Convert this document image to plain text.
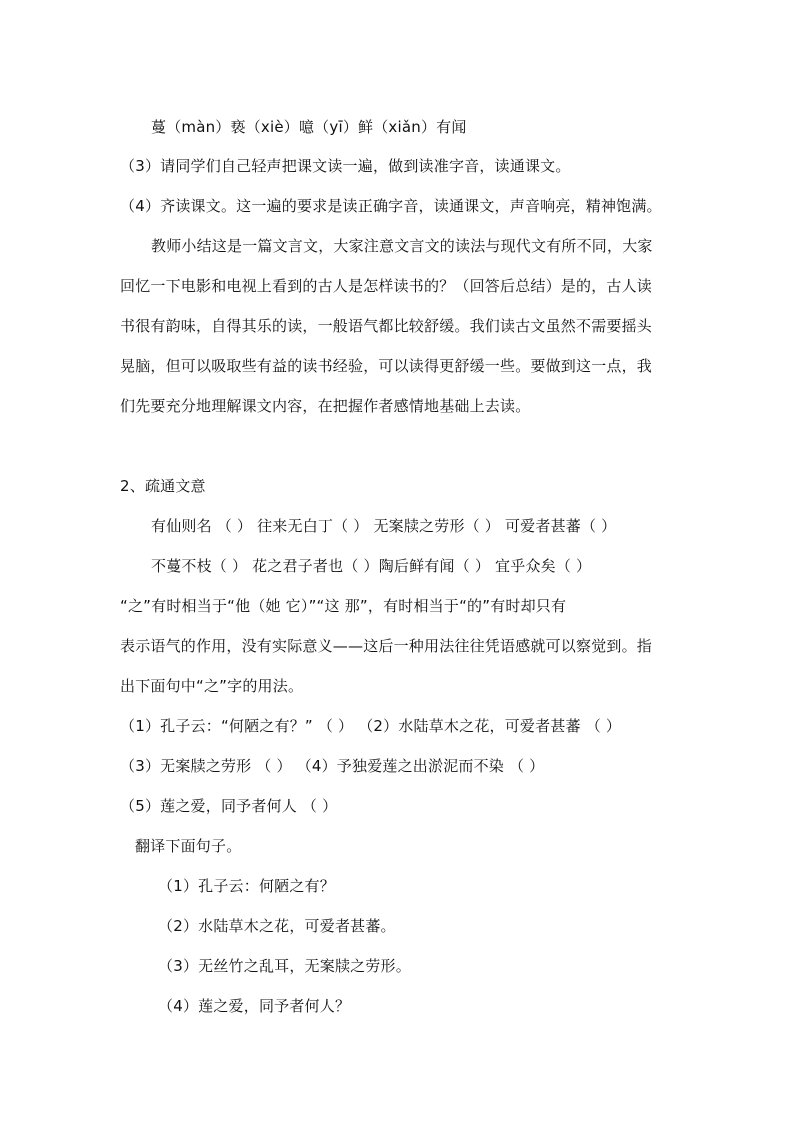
蔓（màn）亵（xiè）噫（yī）鲜（xiǎn）有闻
（3）请同学们自己轻声把课文读一遍，做到读准字音，读通课文。
（4）齐读课文。这一遍的要求是读正确字音，读通课文，声音响亮，精神饱满。
教师小结这是一篇文言文，大家注意文言文的读法与现代文有所不同，大家
回忆一下电影和电视上看到的古人是怎样读书的？（回答后总结）是的，古人读
书很有韵味，自得其乐的读，一般语气都比较舒缓。我们读古文虽然不需要摇头
晃脑，但可以吸取些有益的读书经验，可以读得更舒缓一些。要做到这一点，我
们先要充分地理解课文内容，在把握作者感情地基础上去读。
2、疏通文意
有仙则名 （ ） 往来无白丁（ ） 无案牍之劳形（ ） 可爱者甚蕃（ ）
不蔓不枝（ ） 花之君子者也（ ）陶后鲜有闻（ ） 宜乎众矣（ ）
“之”有时相当于“他（她 它）”“这 那”，有时相当于“的”有时却只有
表示语气的作用，没有实际意义——这后一种用法往往凭语感就可以察觉到。指
出下面句中“之”字的用法。
（1）孔子云：“何陋之有？” （ ） （2）水陆草木之花，可爱者甚蕃 （ ）
（3）无案牍之劳形 （ ） （4）予独爱莲之出淤泥而不染 （ ）
（5）莲之爱，同予者何人 （ ）
翻译下面句子。
（1）孔子云：何陋之有？
（2）水陆草木之花，可爱者甚蕃。
（3）无丝竹之乱耳，无案牍之劳形。
（4）莲之爱，同予者何人？
